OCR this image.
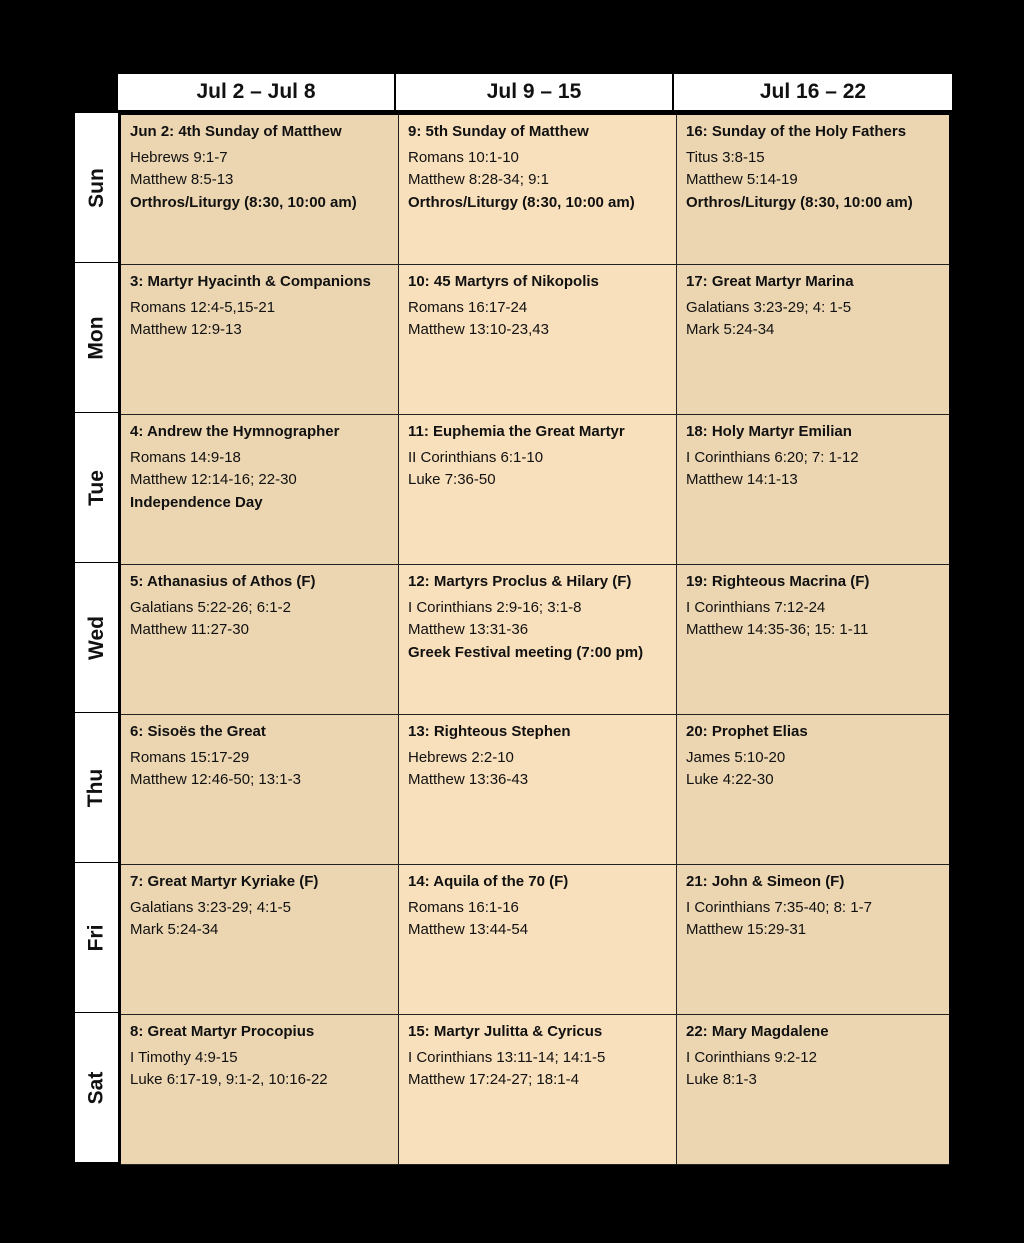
Jul 2 – Jul 8	Jul 9 – 15	Jul 16 – 22
Sun
Mon
Tue
Wed
Thu
Fri
Sat
Jun 2: 4th Sunday of Matthew
Hebrews 9:1-7
Matthew 8:5-13
Orthros/Liturgy (8:30, 10:00 am)
9: 5th Sunday of Matthew
Romans 10:1-10
Matthew 8:28-34; 9:1
Orthros/Liturgy (8:30, 10:00 am)
16: Sunday of the Holy Fathers
Titus 3:8-15
Matthew 5:14-19
Orthros/Liturgy (8:30, 10:00 am)
3: Martyr Hyacinth & Companions
Romans 12:4-5,15-21
Matthew 12:9-13
10: 45 Martyrs of Nikopolis
Romans 16:17-24
Matthew 13:10-23,43
17: Great Martyr Marina
Galatians 3:23-29; 4: 1-5
Mark 5:24-34
4: Andrew the Hymnographer
Romans 14:9-18
Matthew 12:14-16; 22-30
Independence Day
11: Euphemia the Great Martyr
II Corinthians 6:1-10
Luke 7:36-50
18: Holy Martyr Emilian
I Corinthians 6:20; 7: 1-12
Matthew 14:1-13
5: Athanasius of Athos (F)
Galatians 5:22-26; 6:1-2
Matthew 11:27-30
12: Martyrs Proclus & Hilary (F)
I Corinthians 2:9-16; 3:1-8
Matthew 13:31-36
Greek Festival meeting (7:00 pm)
19: Righteous Macrina (F)
I Corinthians 7:12-24
Matthew 14:35-36; 15: 1-11
6: Sisoës the Great
Romans 15:17-29
Matthew 12:46-50; 13:1-3
13: Righteous Stephen
Hebrews 2:2-10
Matthew 13:36-43
20: Prophet Elias
James 5:10-20
Luke 4:22-30
7: Great Martyr Kyriake (F)
Galatians 3:23-29; 4:1-5
Mark 5:24-34
14: Aquila of the 70 (F)
Romans 16:1-16
Matthew 13:44-54
21: John & Simeon (F)
I Corinthians 7:35-40; 8: 1-7
Matthew 15:29-31
8: Great Martyr Procopius
I Timothy 4:9-15
Luke 6:17-19, 9:1-2, 10:16-22
15: Martyr Julitta & Cyricus
I Corinthians 13:11-14; 14:1-5
Matthew 17:24-27; 18:1-4
22: Mary Magdalene
I Corinthians 9:2-12
Luke 8:1-3
